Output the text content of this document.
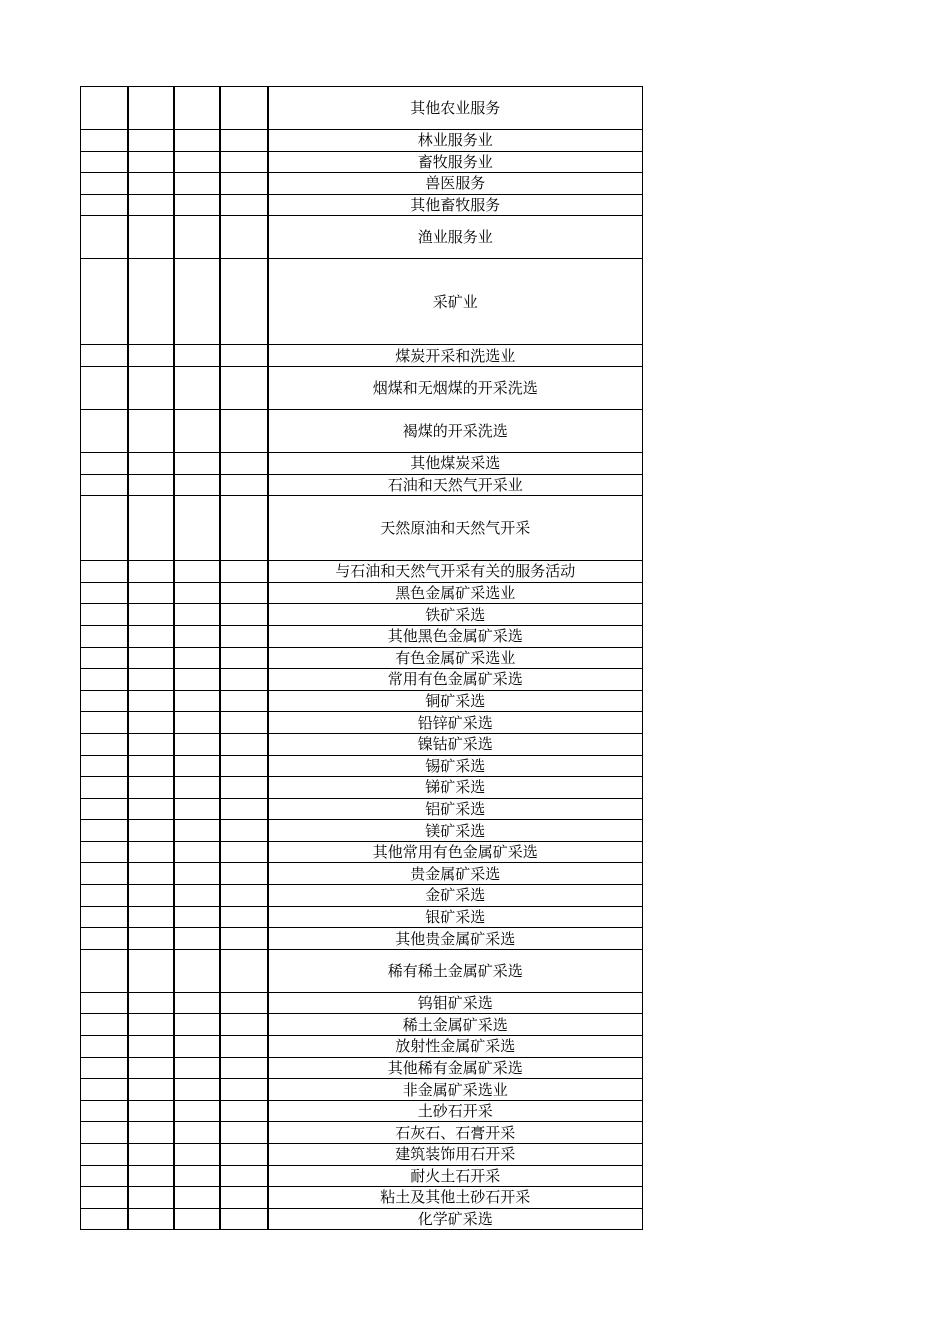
				其他农业服务
				林业服务业
				畜牧服务业
				兽医服务
				其他畜牧服务
				渔业服务业
				采矿业
				煤炭开采和洗选业
				烟煤和无烟煤的开采洗选
				褐煤的开采洗选
				其他煤炭采选
				石油和天然气开采业
				天然原油和天然气开采
				与石油和天然气开采有关的服务活动
				黑色金属矿采选业
				铁矿采选
				其他黑色金属矿采选
				有色金属矿采选业
				常用有色金属矿采选
				铜矿采选
				铅锌矿采选
				镍钴矿采选
				锡矿采选
				锑矿采选
				铝矿采选
				镁矿采选
				其他常用有色金属矿采选
				贵金属矿采选
				金矿采选
				银矿采选
				其他贵金属矿采选
				稀有稀土金属矿采选
				钨钼矿采选
				稀土金属矿采选
				放射性金属矿采选
				其他稀有金属矿采选
				非金属矿采选业
				土砂石开采
				石灰石、石膏开采
				建筑装饰用石开采
				耐火土石开采
				粘土及其他土砂石开采
				化学矿采选
